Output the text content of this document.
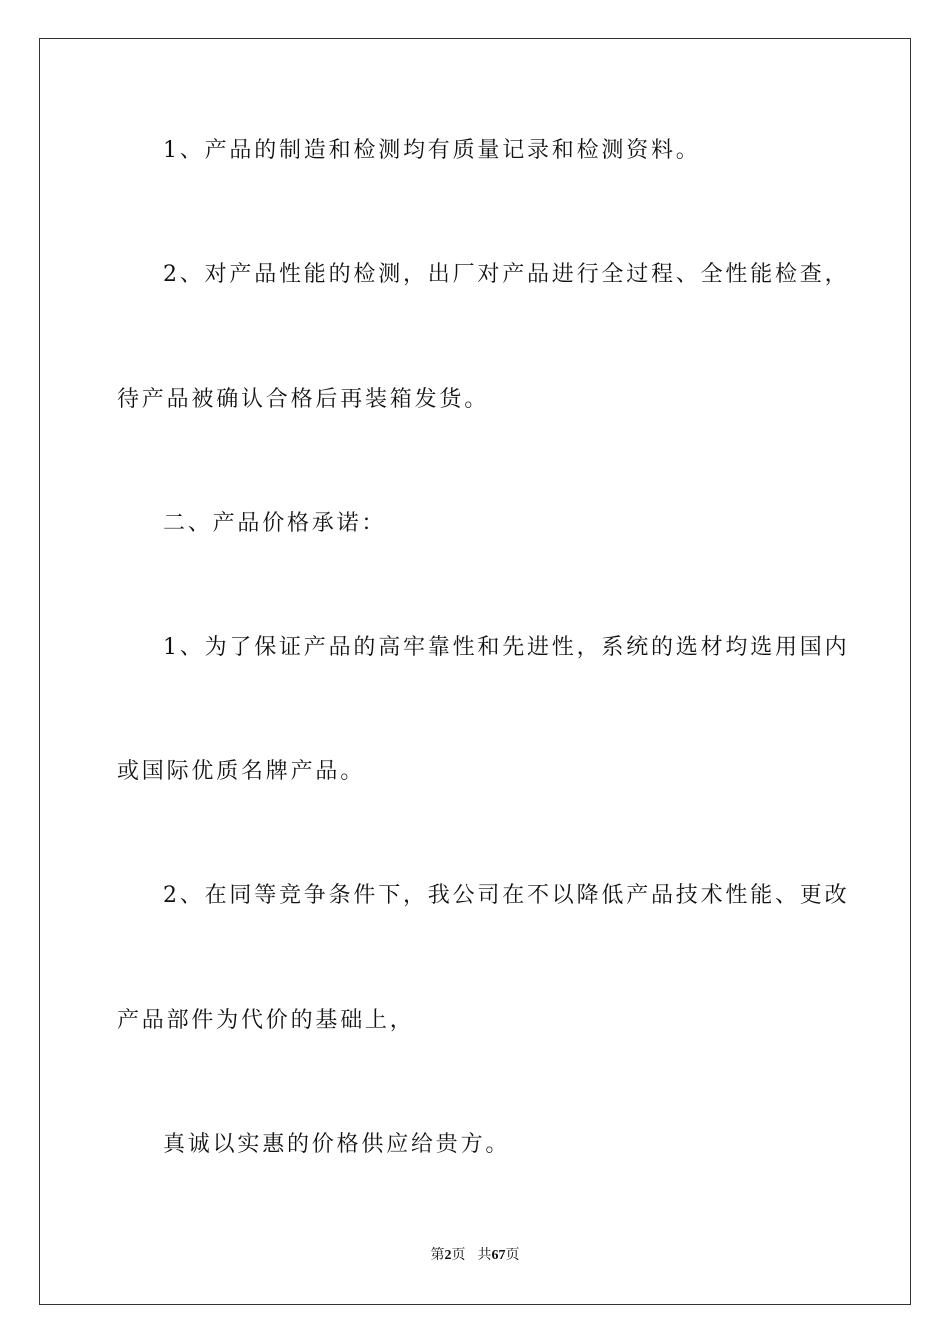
1、产品的制造和检测均有质量记录和检测资料。
2、对产品性能的检测，出厂对产品进行全过程、全性能检查，
待产品被确认合格后再装箱发货。
二、产品价格承诺：
1、为了保证产品的高牢靠性和先进性，系统的选材均选用国内
或国际优质名牌产品。
2、在同等竞争条件下，我公司在不以降低产品技术性能、更改
产品部件为代价的基础上，
真诚以实惠的价格供应给贵方。
第2页 共67页
